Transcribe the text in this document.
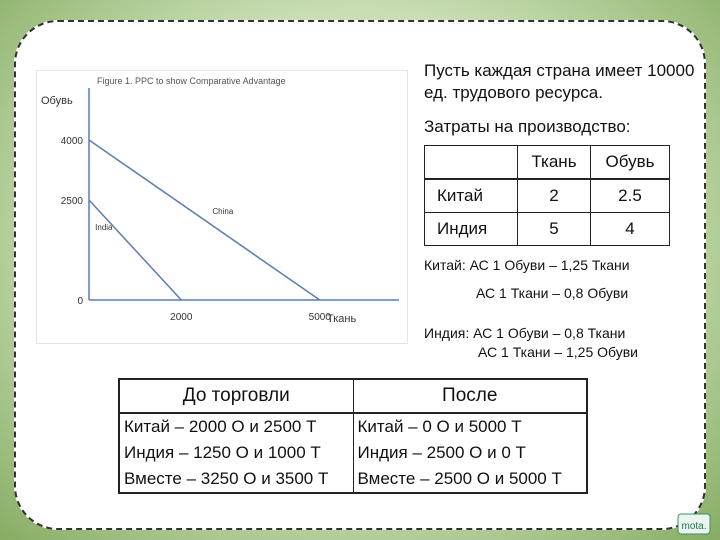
Figure 1. PPC to show Comparative Advantage
Обувь
Ткань
China
India
0
2500
4000
2000	5000
Пусть каждая страна имеет 10000 ед. трудового ресурса.
Затраты на производство:
	Ткань	Обувь
Китай	2	2.5
Индия	5	4
Китай: АС 1 Обуви – 1,25 Ткани
АС 1 Ткани – 0,8 Обуви
Индия: АС 1 Обуви – 0,8 Ткани
АС 1 Ткани – 1,25 Обуви
До торговли	После
Китай – 2000 О и 2500 Т	Китай – 0 О и 5000 Т
Индия – 1250 О и 1000 Т	Индия – 2500 О и 0 Т
Вместе – 3250 О и 3500 Т	Вместе – 2500 О и 5000 Т
mota.
